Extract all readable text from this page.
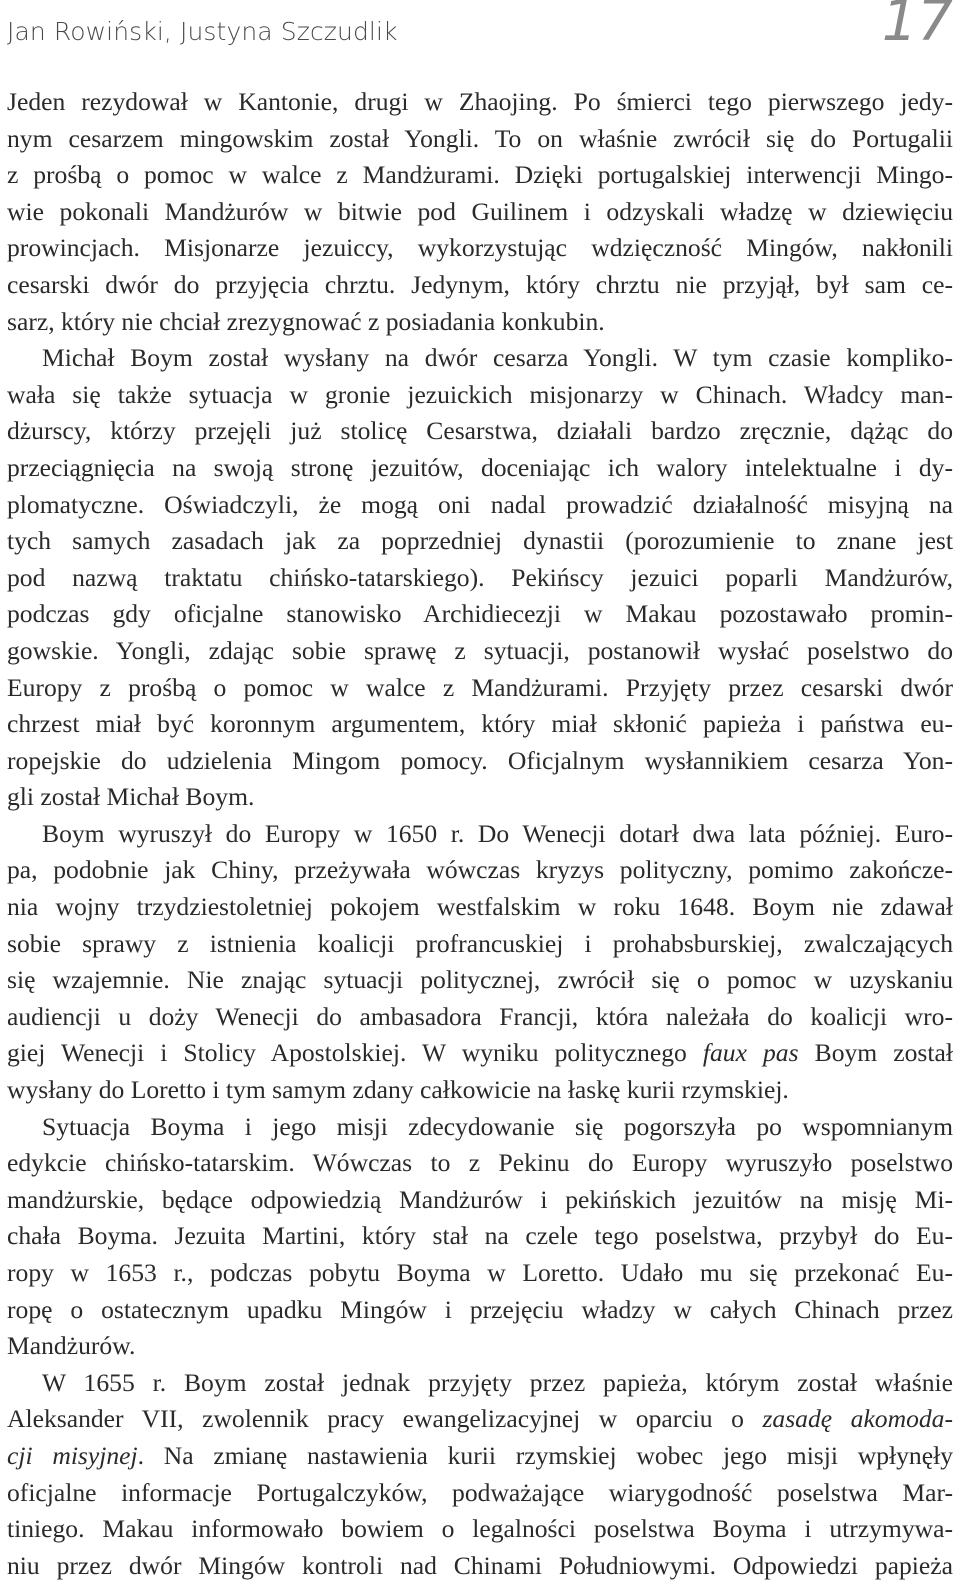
Jan Rowiński, Justyna Szczudlik	17
Jeden rezydował w Kantonie, drugi w Zhaojing. Po śmierci tego pierwszego jedy-
nym cesarzem mingowskim został Yongli. To on właśnie zwrócił się do Portugalii
z prośbą o pomoc w walce z Mandżurami. Dzięki portugalskiej interwencji Mingo-
wie pokonali Mandżurów w bitwie pod Guilinem i odzyskali władzę w dziewięciu
prowincjach. Misjonarze jezuiccy, wykorzystując wdzięczność Mingów, nakłonili
cesarski dwór do przyjęcia chrztu. Jedynym, który chrztu nie przyjął, był sam ce-
sarz, który nie chciał zrezygnować z posiadania konkubin.
Michał Boym został wysłany na dwór cesarza Yongli. W tym czasie kompliko-
wała się także sytuacja w gronie jezuickich misjonarzy w Chinach. Władcy man-
dżurscy, którzy przejęli już stolicę Cesarstwa, działali bardzo zręcznie, dążąc do
przeciągnięcia na swoją stronę jezuitów, doceniając ich walory intelektualne i dy-
plomatyczne. Oświadczyli, że mogą oni nadal prowadzić działalność misyjną na
tych samych zasadach jak za poprzedniej dynastii (porozumienie to znane jest
pod nazwą traktatu chińsko-tatarskiego). Pekińscy jezuici poparli Mandżurów,
podczas gdy oficjalne stanowisko Archidiecezji w Makau pozostawało promin-
gowskie. Yongli, zdając sobie sprawę z sytuacji, postanowił wysłać poselstwo do
Europy z prośbą o pomoc w walce z Mandżurami. Przyjęty przez cesarski dwór
chrzest miał być koronnym argumentem, który miał skłonić papieża i państwa eu-
ropejskie do udzielenia Mingom pomocy. Oficjalnym wysłannikiem cesarza Yon-
gli został Michał Boym.
Boym wyruszył do Europy w 1650 r. Do Wenecji dotarł dwa lata później. Euro-
pa, podobnie jak Chiny, przeżywała wówczas kryzys polityczny, pomimo zakończe-
nia wojny trzydziestoletniej pokojem westfalskim w roku 1648. Boym nie zdawał
sobie sprawy z istnienia koalicji profrancuskiej i prohabsburskiej, zwalczających
się wzajemnie. Nie znając sytuacji politycznej, zwrócił się o pomoc w uzyskaniu
audiencji u doży Wenecji do ambasadora Francji, która należała do koalicji wro-
giej Wenecji i Stolicy Apostolskiej. W wyniku politycznego faux pas Boym został
wysłany do Loretto i tym samym zdany całkowicie na łaskę kurii rzymskiej.
Sytuacja Boyma i jego misji zdecydowanie się pogorszyła po wspomnianym
edykcie chińsko-tatarskim. Wówczas to z Pekinu do Europy wyruszyło poselstwo
mandżurskie, będące odpowiedzią Mandżurów i pekińskich jezuitów na misję Mi-
chała Boyma. Jezuita Martini, który stał na czele tego poselstwa, przybył do Eu-
ropy w 1653 r., podczas pobytu Boyma w Loretto. Udało mu się przekonać Eu-
ropę o ostatecznym upadku Mingów i przejęciu władzy w całych Chinach przez
Mandżurów.
W 1655 r. Boym został jednak przyjęty przez papieża, którym został właśnie
Aleksander VII, zwolennik pracy ewangelizacyjnej w oparciu o zasadę akomoda-
cji misyjnej. Na zmianę nastawienia kurii rzymskiej wobec jego misji wpłynęły
oficjalne informacje Portugalczyków, podważające wiarygodność poselstwa Mar-
tiniego. Makau informowało bowiem o legalności poselstwa Boyma i utrzymywa-
niu przez dwór Mingów kontroli nad Chinami Południowymi. Odpowiedzi papieża
